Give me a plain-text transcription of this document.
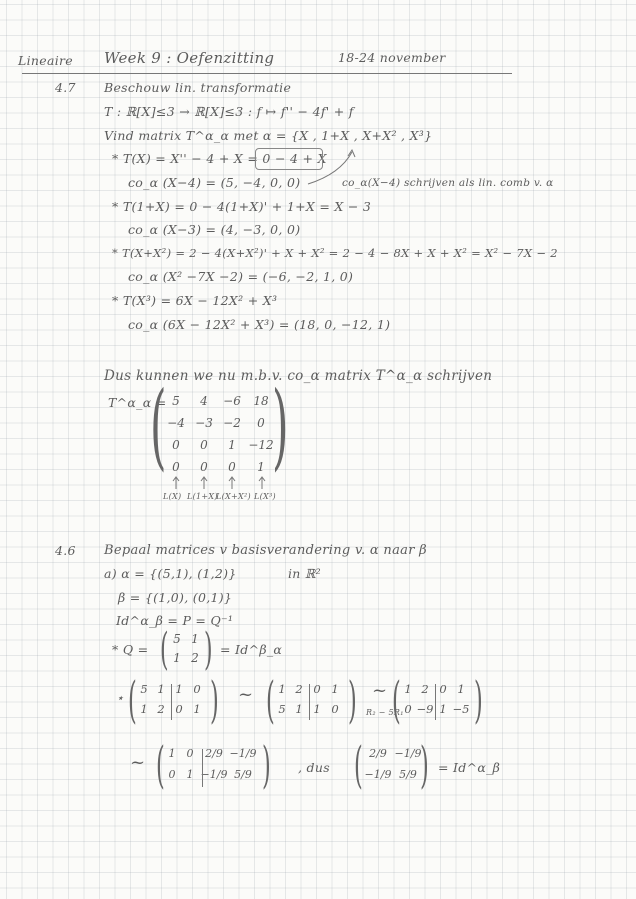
Lineaire Week 9 : Oefenzitting	18-24 november
4.7 Beschouw lin. transformatie
T : ℝ[X]≤3 → ℝ[X]≤3 : f ↦ f'' − 4f' + f
Vind matrix T^α_α met α = {X , 1+X , X+X² , X³}
* T(X) = X'' − 4 + X = 0 − 4 + X
co_α (X−4) = (5, −4, 0, 0)	co_α(X−4) schrijven als lin. comb v. α
* T(1+X) = 0 − 4(1+X)' + 1+X = X − 3
co_α (X−3) = (4, −3, 0, 0)
* T(X+X²) = 2 − 4(X+X²)' + X + X² = 2 − 4 − 8X + X + X² = X² − 7X − 2
co_α (X² −7X −2) = (−6, −2, 1, 0)
* T(X³) = 6X − 12X² + X³
co_α (6X − 12X² + X³) = (18, 0, −12, 1)
Dus kunnen we nu m.b.v. co_α matrix T^α_α schrijven
T^α_α =
( )
5	4	−6	18
−4 −3 −2	0
0	0	1	−12
0	0	0	1
L(X) L(1+X)
L(X+X²) L(X³)
4.6 Bepaal matrices v basisverandering v. α naar β
a) α = {(5,1), (1,2)}	in ℝ²
β = {(1,0), (0,1)}
Id^α_β = P = Q⁻¹
* Q = ( 5 1
1 2 ) = Id^β_α
⋆ ( 5 1 1 0
1 2 0 1 ) ~ ( 1 2 0 1
5 1 1 0 ) ~
R₂ − 5R₁
( 1 2 0 1
0 −9 1 −5 )
~ ( 1	0	2/9 −1/9
0	1 −1/9 5/9 ) , dus ( 2/9 −1/9
−1/9 5/9 ) = Id^α_β
